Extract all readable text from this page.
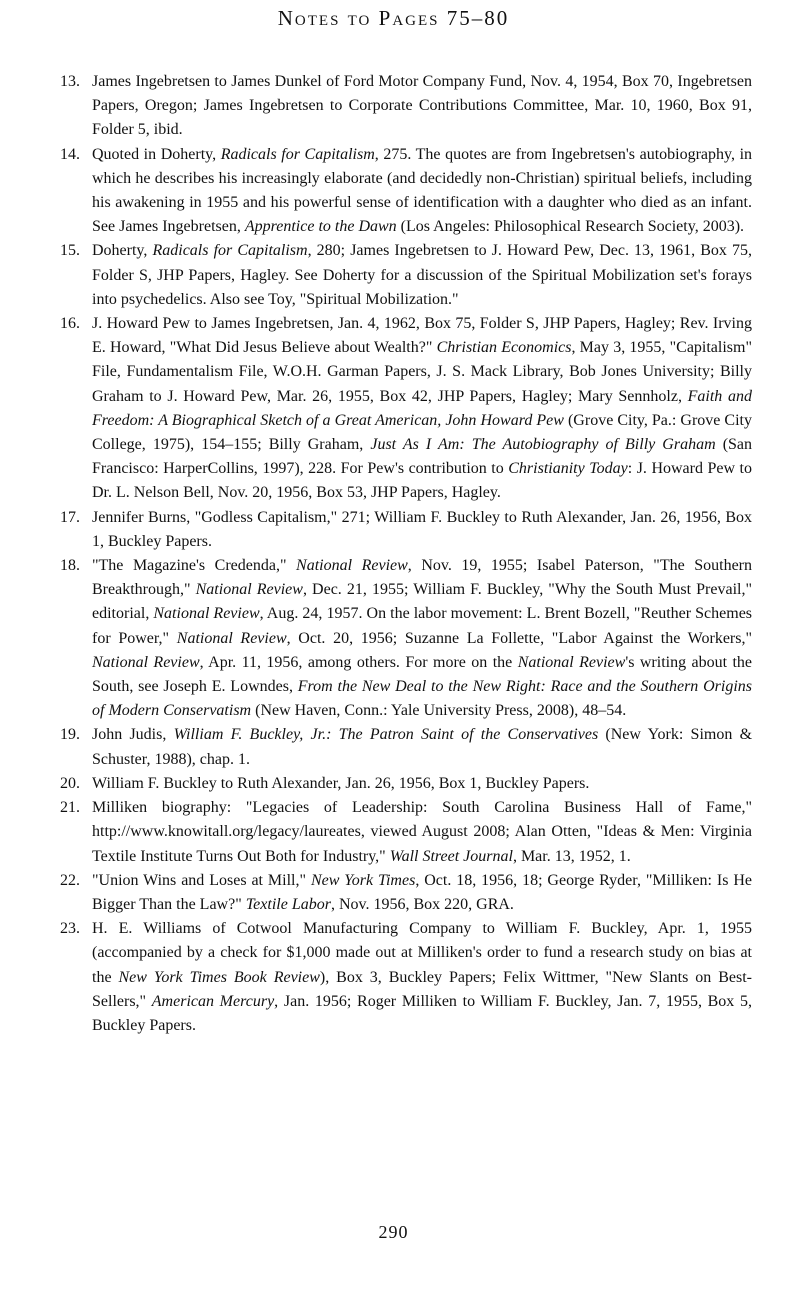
Notes to Pages 75–80
13. James Ingebretsen to James Dunkel of Ford Motor Company Fund, Nov. 4, 1954, Box 70, Ingebretsen Papers, Oregon; James Ingebretsen to Corporate Contributions Committee, Mar. 10, 1960, Box 91, Folder 5, ibid.
14. Quoted in Doherty, Radicals for Capitalism, 275. The quotes are from Ingebretsen's autobiography, in which he describes his increasingly elaborate (and decidedly non-Christian) spiritual beliefs, including his awakening in 1955 and his powerful sense of identification with a daughter who died as an infant. See James Ingebretsen, Apprentice to the Dawn (Los Angeles: Philosophical Research Society, 2003).
15. Doherty, Radicals for Capitalism, 280; James Ingebretsen to J. Howard Pew, Dec. 13, 1961, Box 75, Folder S, JHP Papers, Hagley. See Doherty for a discussion of the Spiritual Mobilization set's forays into psychedelics. Also see Toy, "Spiritual Mobilization."
16. J. Howard Pew to James Ingebretsen, Jan. 4, 1962, Box 75, Folder S, JHP Papers, Hagley; Rev. Irving E. Howard, "What Did Jesus Believe about Wealth?" Christian Economics, May 3, 1955, "Capitalism" File, Fundamentalism File, W.O.H. Garman Papers, J. S. Mack Library, Bob Jones University; Billy Graham to J. Howard Pew, Mar. 26, 1955, Box 42, JHP Papers, Hagley; Mary Sennholz, Faith and Freedom: A Biographical Sketch of a Great American, John Howard Pew (Grove City, Pa.: Grove City College, 1975), 154–155; Billy Graham, Just As I Am: The Autobiography of Billy Graham (San Francisco: HarperCollins, 1997), 228. For Pew's contribution to Christianity Today: J. Howard Pew to Dr. L. Nelson Bell, Nov. 20, 1956, Box 53, JHP Papers, Hagley.
17. Jennifer Burns, "Godless Capitalism," 271; William F. Buckley to Ruth Alexander, Jan. 26, 1956, Box 1, Buckley Papers.
18. "The Magazine's Credenda," National Review, Nov. 19, 1955; Isabel Paterson, "The Southern Breakthrough," National Review, Dec. 21, 1955; William F. Buckley, "Why the South Must Prevail," editorial, National Review, Aug. 24, 1957. On the labor movement: L. Brent Bozell, "Reuther Schemes for Power," National Review, Oct. 20, 1956; Suzanne La Follette, "Labor Against the Workers," National Review, Apr. 11, 1956, among others. For more on the National Review's writing about the South, see Joseph E. Lowndes, From the New Deal to the New Right: Race and the Southern Origins of Modern Conservatism (New Haven, Conn.: Yale University Press, 2008), 48–54.
19. John Judis, William F. Buckley, Jr.: The Patron Saint of the Conservatives (New York: Simon & Schuster, 1988), chap. 1.
20. William F. Buckley to Ruth Alexander, Jan. 26, 1956, Box 1, Buckley Papers.
21. Milliken biography: "Legacies of Leadership: South Carolina Business Hall of Fame," http://www.knowitall.org/legacy/laureates, viewed August 2008; Alan Otten, "Ideas & Men: Virginia Textile Institute Turns Out Both for Industry," Wall Street Journal, Mar. 13, 1952, 1.
22. "Union Wins and Loses at Mill," New York Times, Oct. 18, 1956, 18; George Ryder, "Milliken: Is He Bigger Than the Law?" Textile Labor, Nov. 1956, Box 220, GRA.
23. H. E. Williams of Cotwool Manufacturing Company to William F. Buckley, Apr. 1, 1955 (accompanied by a check for $1,000 made out at Milliken's order to fund a research study on bias at the New York Times Book Review), Box 3, Buckley Papers; Felix Wittmer, "New Slants on Best-Sellers," American Mercury, Jan. 1956; Roger Milliken to William F. Buckley, Jan. 7, 1955, Box 5, Buckley Papers.
290
